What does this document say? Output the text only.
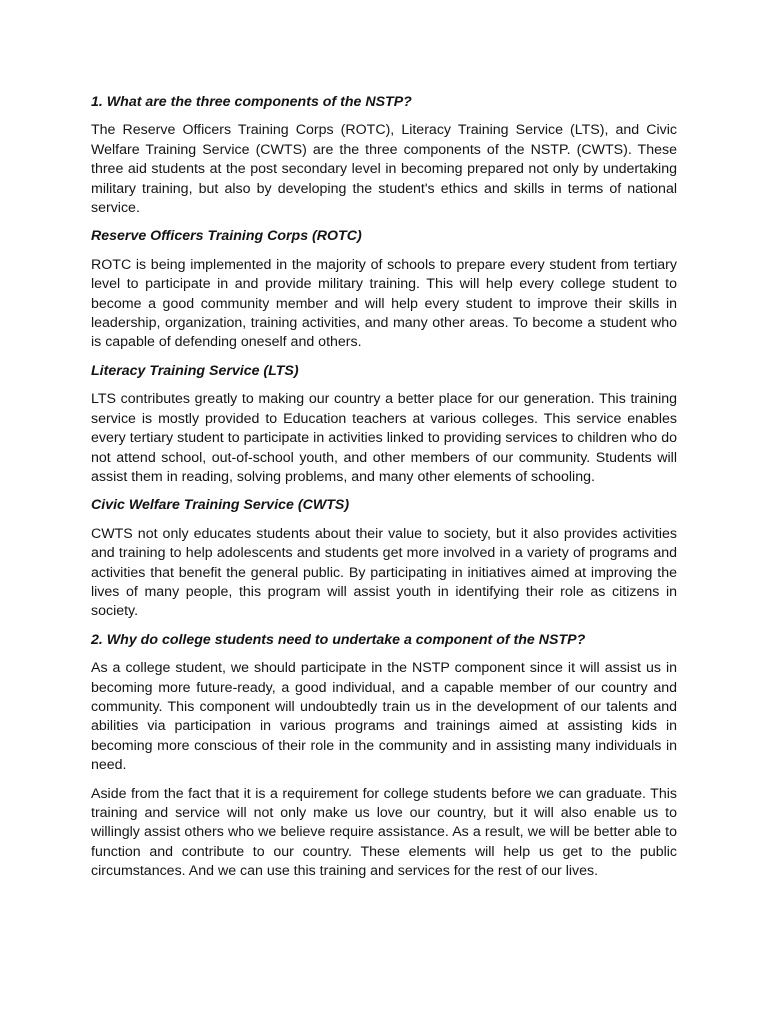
1. What are the three components of the NSTP?
The Reserve Officers Training Corps (ROTC), Literacy Training Service (LTS), and Civic Welfare Training Service (CWTS) are the three components of the NSTP. (CWTS). These three aid students at the post secondary level in becoming prepared not only by undertaking military training, but also by developing the student's ethics and skills in terms of national service.
Reserve Officers Training Corps (ROTC)
ROTC is being implemented in the majority of schools to prepare every student from tertiary level to participate in and provide military training. This will help every college student to become a good community member and will help every student to improve their skills in leadership, organization, training activities, and many other areas. To become a student who is capable of defending oneself and others.
Literacy Training Service (LTS)
LTS contributes greatly to making our country a better place for our generation. This training service is mostly provided to Education teachers at various colleges. This service enables every tertiary student to participate in activities linked to providing services to children who do not attend school, out-of-school youth, and other members of our community. Students will assist them in reading, solving problems, and many other elements of schooling.
Civic Welfare Training Service (CWTS)
CWTS not only educates students about their value to society, but it also provides activities and training to help adolescents and students get more involved in a variety of programs and activities that benefit the general public. By participating in initiatives aimed at improving the lives of many people, this program will assist youth in identifying their role as citizens in society.
2. Why do college students need to undertake a component of the NSTP?
As a college student, we should participate in the NSTP component since it will assist us in becoming more future-ready, a good individual, and a capable member of our country and community. This component will undoubtedly train us in the development of our talents and abilities via participation in various programs and trainings aimed at assisting kids in becoming more conscious of their role in the community and in assisting many individuals in need.
Aside from the fact that it is a requirement for college students before we can graduate. This training and service will not only make us love our country, but it will also enable us to willingly assist others who we believe require assistance. As a result, we will be better able to function and contribute to our country. These elements will help us get to the public circumstances. And we can use this training and services for the rest of our lives.
